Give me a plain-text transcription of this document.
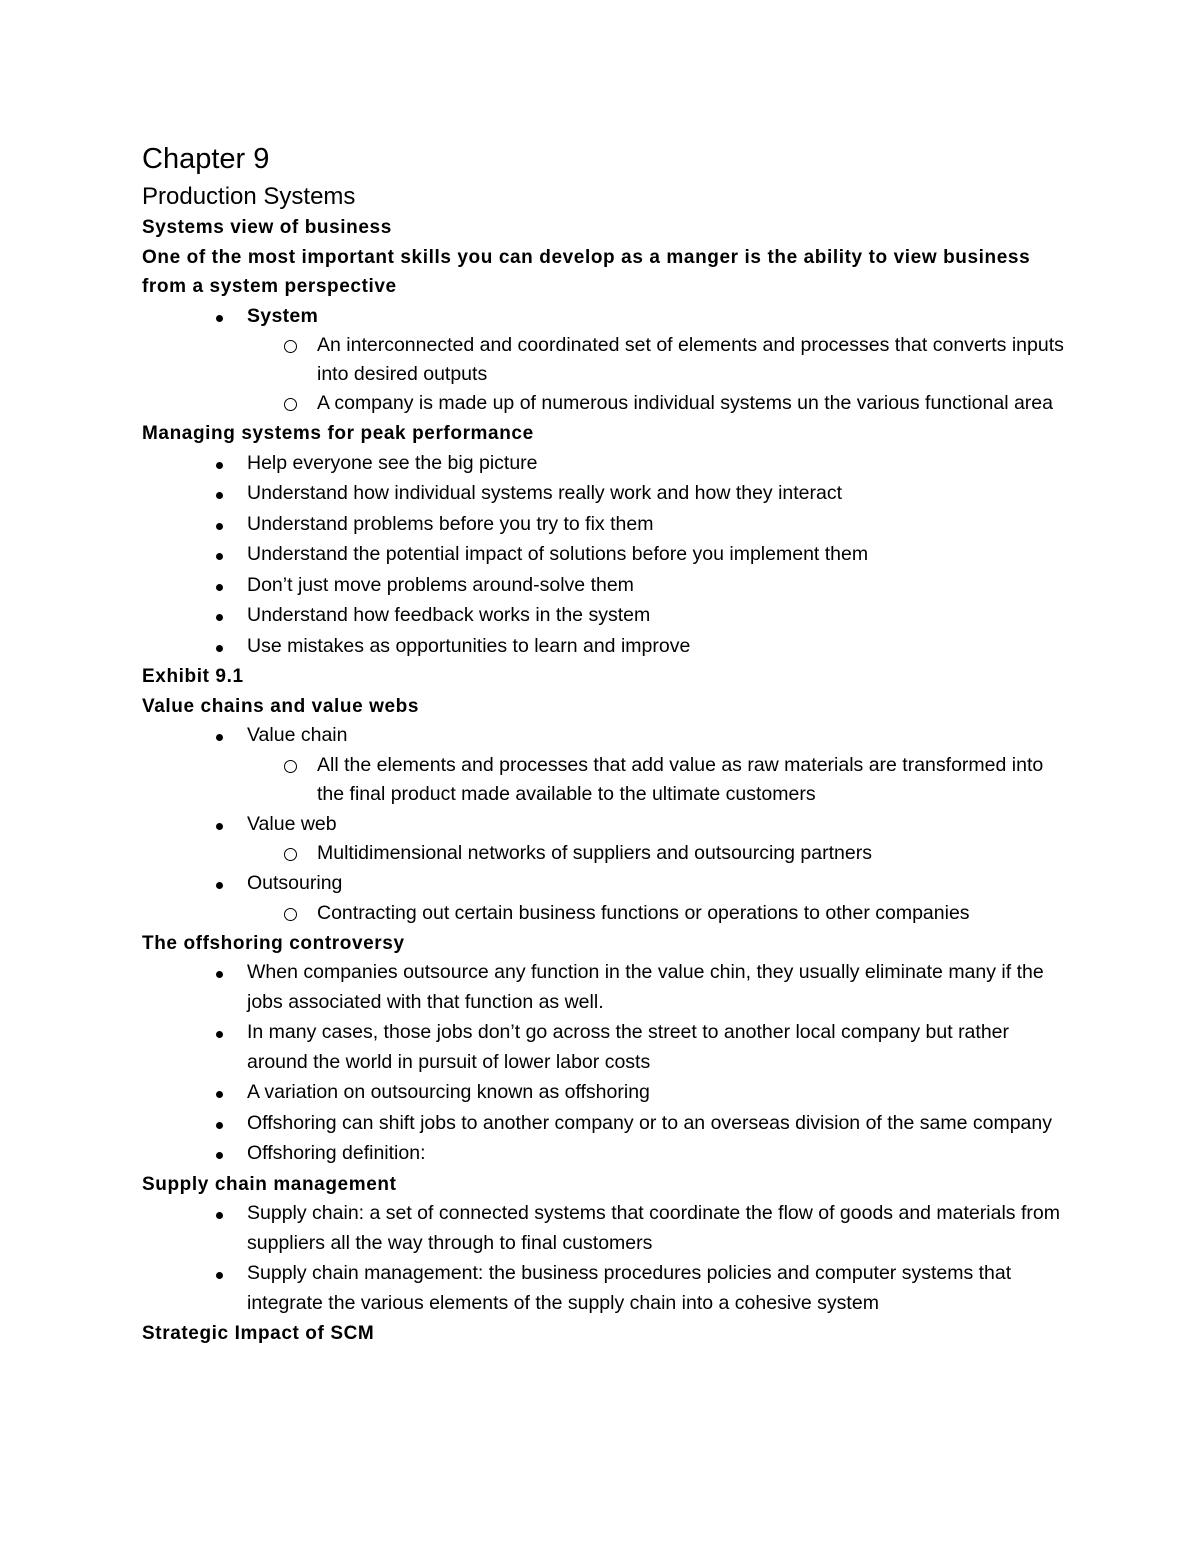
Chapter 9
Production Systems
Systems view of business
One of the most important skills you can develop as a manger is the ability to view business from a system perspective
System
An interconnected and coordinated set of elements and processes that converts inputs into desired outputs
A company is made up of numerous individual systems un the various functional area
Managing systems for peak performance
Help everyone see the big picture
Understand how individual systems really work and how they interact
Understand problems before you try to fix them
Understand the potential impact of solutions before you implement them
Don’t just move problems around-solve them
Understand how feedback works in the system
Use mistakes as opportunities to learn and improve
Exhibit 9.1
Value chains and value webs
Value chain
All the elements and processes that add value as raw materials are transformed into the final product made available to the ultimate customers
Value web
Multidimensional networks of suppliers and outsourcing partners
Outsouring
Contracting out certain business functions or operations to other companies
The offshoring controversy
When companies outsource any function in the value chin, they usually eliminate many if the jobs associated with that function as well.
In many cases, those jobs don’t go across the street to another local company but rather around the world in pursuit of lower labor costs
A variation on outsourcing known as offshoring
Offshoring can shift jobs to another company or to an overseas division of the same company
Offshoring definition:
Supply chain management
Supply chain: a set of connected systems that coordinate the flow of goods and materials from suppliers all the way through to final customers
Supply chain management: the business procedures policies and computer systems that integrate the various elements of the supply chain into a cohesive system
Strategic Impact of SCM
